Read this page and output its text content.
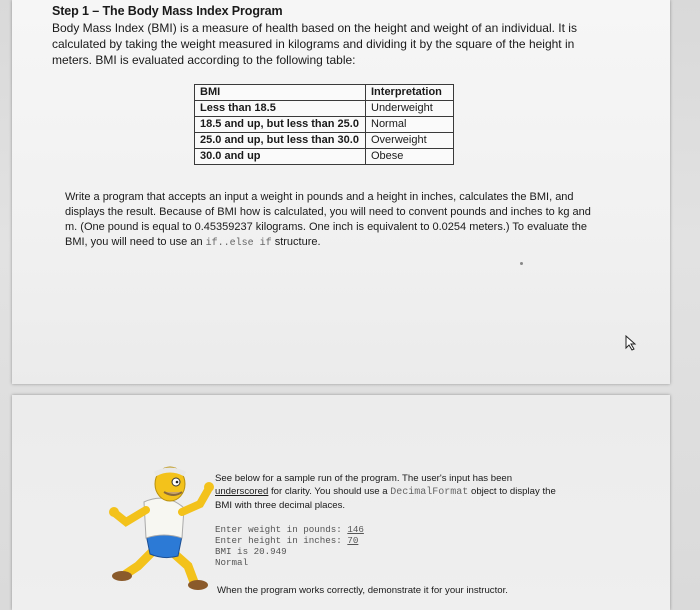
Step 1 – The Body Mass Index Program
Body Mass Index (BMI) is a measure of health based on the height and weight of an individual. It is calculated by taking the weight measured in kilograms and dividing it by the square of the height in meters. BMI is evaluated according to the following table:
BMI	Interpretation
Less than 18.5	Underweight
18.5 and up, but less than 25.0	Normal
25.0 and up, but less than 30.0	Overweight
30.0 and up	Obese
Write a program that accepts an input a weight in pounds and a height in inches, calculates the BMI, and displays the result. Because of BMI how is calculated, you will need to convent pounds and inches to kg and m. (One pound is equal to 0.45359237 kilograms. One inch is equivalent to 0.0254 meters.) To evaluate the BMI, you will need to use an if..else if structure.
See below for a sample run of the program. The user's input has been underscored for clarity. You should use a DecimalFormat object to display the BMI with three decimal places.
Enter weight in pounds: 146
Enter height in inches: 70
BMI is 20.949
Normal
When the program works correctly, demonstrate it for your instructor.
